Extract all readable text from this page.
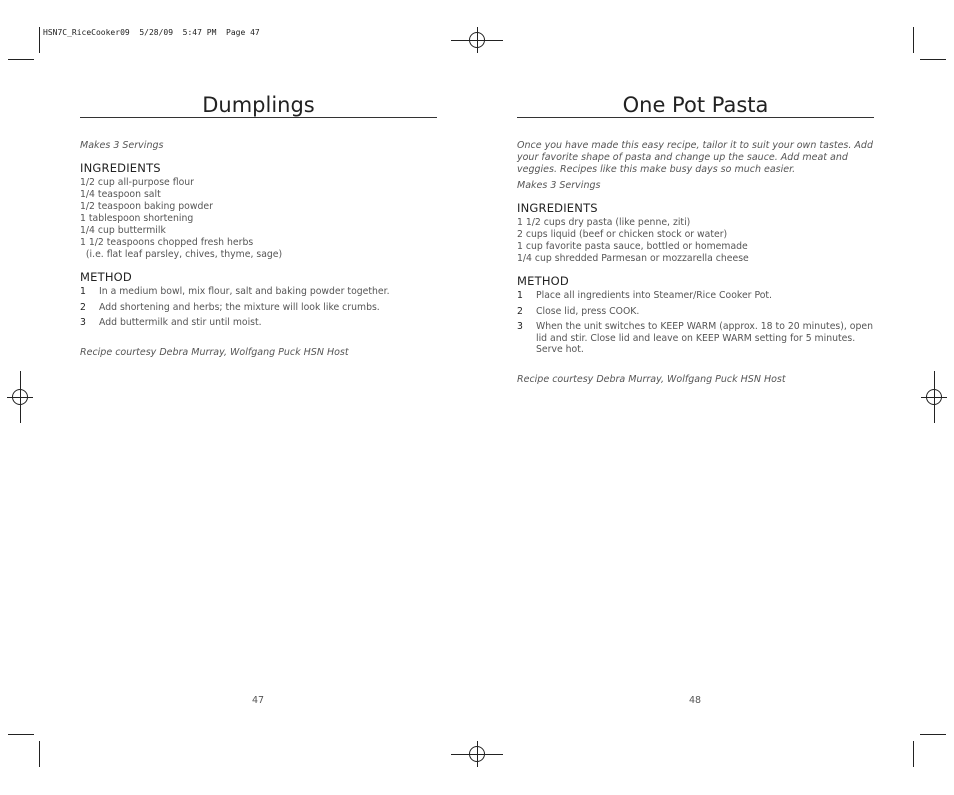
HSN7C_RiceCooker09  5/28/09  5:47 PM  Page 47
Dumplings
Makes 3 Servings
INGREDIENTS
1/2 cup all-purpose flour
1/4 teaspoon salt
1/2 teaspoon baking powder
1 tablespoon shortening
1/4 cup buttermilk
1 1/2 teaspoons chopped fresh herbs
(i.e. flat leaf parsley, chives, thyme, sage)
METHOD
1	In a medium bowl, mix flour, salt and baking powder together.
2	Add shortening and herbs; the mixture will look like crumbs.
3	Add buttermilk and stir until moist.
Recipe courtesy Debra Murray, Wolfgang Puck HSN Host
47
One Pot Pasta
Once you have made this easy recipe, tailor it to suit your own tastes. Add your favorite shape of pasta and change up the sauce. Add meat and veggies. Recipes like this make busy days so much easier.
Makes 3 Servings
INGREDIENTS
1 1/2 cups dry pasta (like penne, ziti)
2 cups liquid (beef or chicken stock or water)
1 cup favorite pasta sauce, bottled or homemade
1/4 cup shredded Parmesan or mozzarella cheese
METHOD
1	Place all ingredients into Steamer/Rice Cooker Pot.
2	Close lid, press COOK.
3	When the unit switches to KEEP WARM (approx. 18 to 20 minutes), open lid and stir. Close lid and leave on KEEP WARM setting for 5 minutes. Serve hot.
Recipe courtesy Debra Murray, Wolfgang Puck HSN Host
48
